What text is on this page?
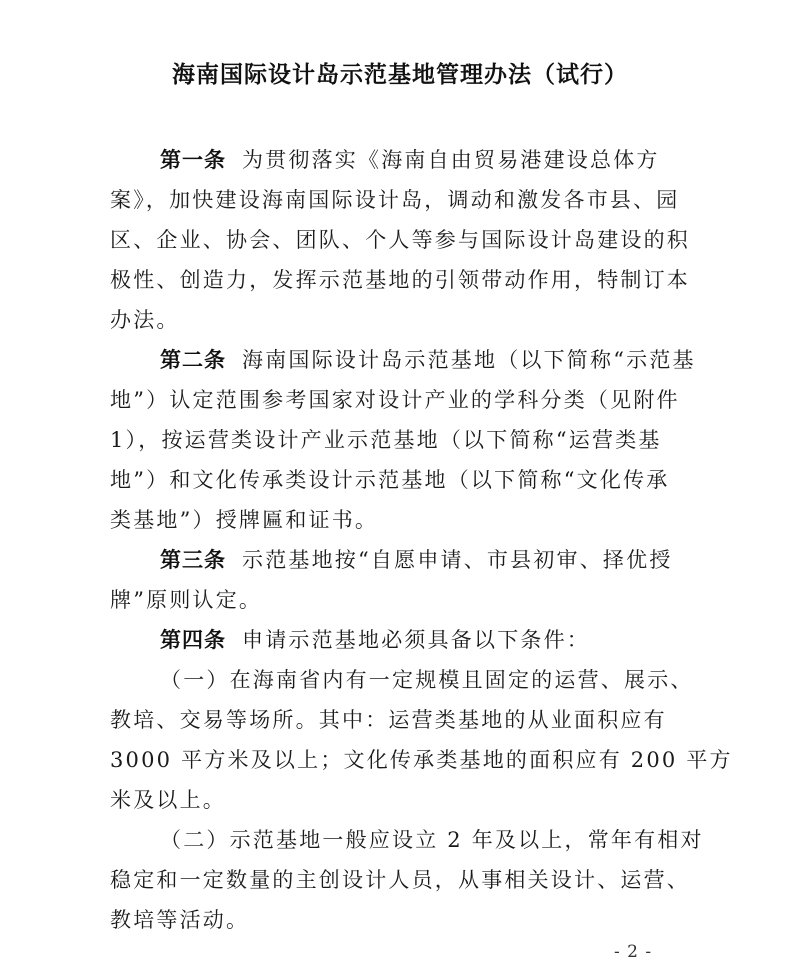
海南国际设计岛示范基地管理办法（试行）
第一条 为贯彻落实《海南自由贸易港建设总体方
案》，加快建设海南国际设计岛，调动和激发各市县、园
区、企业、协会、团队、个人等参与国际设计岛建设的积
极性、创造力，发挥示范基地的引领带动作用，特制订本
办法。
第二条 海南国际设计岛示范基地（以下简称“示范基
地”）认定范围参考国家对设计产业的学科分类（见附件
1），按运营类设计产业示范基地（以下简称“运营类基
地”）和文化传承类设计示范基地（以下简称“文化传承
类基地”）授牌匾和证书。
第三条 示范基地按“自愿申请、市县初审、择优授
牌”原则认定。
第四条 申请示范基地必须具备以下条件：
（一）在海南省内有一定规模且固定的运营、展示、
教培、交易等场所。其中：运营类基地的从业面积应有
3000 平方米及以上；文化传承类基地的面积应有 200 平方
米及以上。
（二）示范基地一般应设立 2 年及以上，常年有相对
稳定和一定数量的主创设计人员，从事相关设计、运营、
教培等活动。
- 2 -
